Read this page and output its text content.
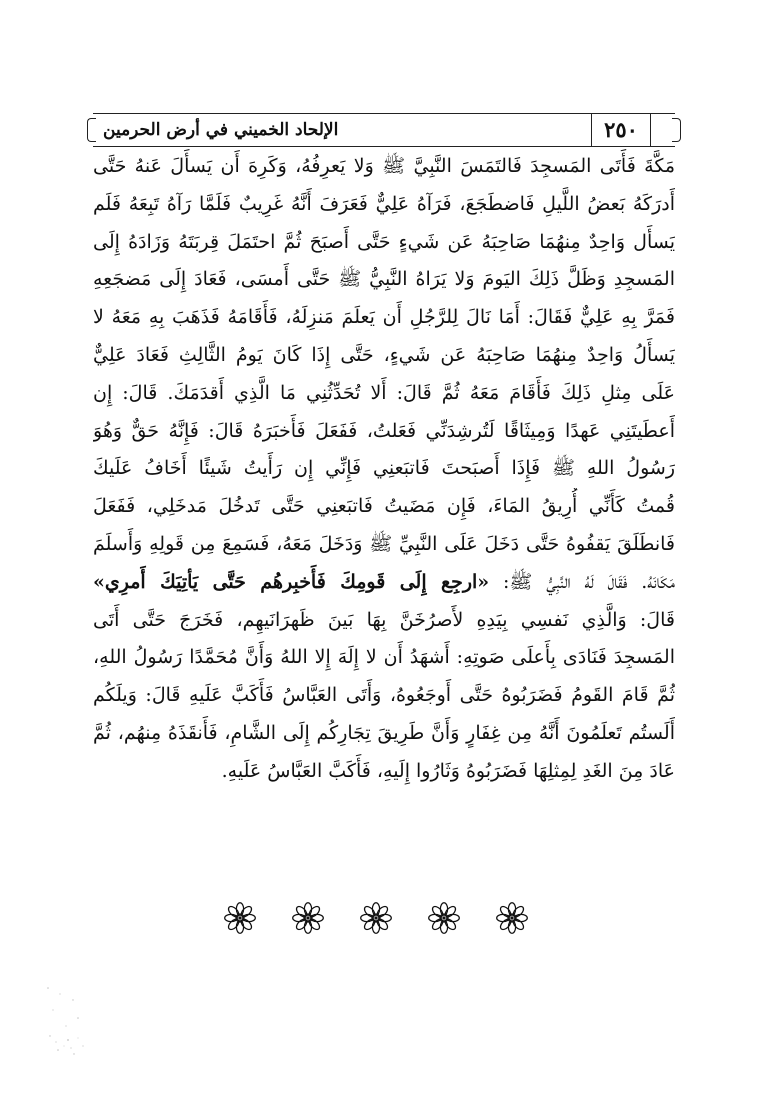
٢٥٠
الإلحاد الخميني في أرض الحرمين
مَكَّةَ فَأَتَى المَسجِدَ فَالتَمَسَ النَّبِيَّ ﷺ وَلا يَعرِفُهُ، وَكَرِهَ أَن يَسأَلَ عَنهُ حَتَّى
أَدرَكَهُ بَعضُ اللَّيلِ فَاضطَجَعَ، فَرَآهُ عَلِيٌّ فَعَرَفَ أَنَّهُ غَرِيبٌ فَلَمَّا رَآهُ تَبِعَهُ فَلَم
يَسأَل وَاحِدٌ مِنهُمَا صَاحِبَهُ عَن شَيءٍ حَتَّى أَصبَحَ ثُمَّ احتَمَلَ قِربَتَهُ وَزَادَهُ إِلَى
المَسجِدِ وَظَلَّ ذَلِكَ اليَومَ وَلا يَرَاهُ النَّبِيُّ ﷺ حَتَّى أَمسَى، فَعَادَ إِلَى مَضجَعِهِ
فَمَرَّ بِهِ عَلِيٌّ فَقَالَ: أَمَا نَالَ لِلرَّجُلِ أَن يَعلَمَ مَنزِلَهُ، فَأَقَامَهُ فَذَهَبَ بِهِ مَعَهُ لا
يَسأَلُ وَاحِدٌ مِنهُمَا صَاحِبَهُ عَن شَيءٍ، حَتَّى إِذَا كَانَ يَومُ الثَّالِثِ فَعَادَ عَلِيٌّ
عَلَى مِثلِ ذَلِكَ فَأَقَامَ مَعَهُ ثُمَّ قَالَ: أَلا تُحَدِّثُنِي مَا الَّذِي أَقدَمَكَ. قَالَ: إِن
أَعطَيتَنِي عَهدًا وَمِيثَاقًا لَتُرشِدَنِّي فَعَلتُ، فَفَعَلَ فَأَخبَرَهُ قَالَ: فَإِنَّهُ حَقٌّ وَهُوَ
رَسُولُ اللهِ ﷺ فَإِذَا أَصبَحتَ فَاتبَعنِي فَإِنِّي إِن رَأَيتُ شَيئًا أَخَافُ عَلَيكَ
قُمتُ كَأَنِّي أُرِيقُ المَاءَ، فَإِن مَضَيتُ فَاتبَعنِي حَتَّى تَدخُلَ مَدخَلِي، فَفَعَلَ
فَانطَلَقَ يَقفُوهُ حَتَّى دَخَلَ عَلَى النَّبِيِّ ﷺ وَدَخَلَ مَعَهُ، فَسَمِعَ مِن قَولِهِ وَأَسلَمَ
مَكَانَهُ. فَقَالَ لَهُ النَّبِيُّ ﷺ: «ارجِع إِلَى قَومِكَ فَأَخبِرهُم حَتَّى يَأتِيَكَ أَمرِي»
قَالَ: وَالَّذِي نَفسِي بِيَدِهِ لأَصرُخَنَّ بِهَا بَينَ ظَهرَانَيهِم، فَخَرَجَ حَتَّى أَتَى
المَسجِدَ فَنَادَى بِأَعلَى صَوتِهِ: أَشهَدُ أَن لا إِلَهَ إِلا اللهُ وَأَنَّ مُحَمَّدًا رَسُولُ اللهِ،
ثُمَّ قَامَ القَومُ فَضَرَبُوهُ حَتَّى أَوجَعُوهُ، وَأَتَى العَبَّاسُ فَأَكَبَّ عَلَيهِ قَالَ: وَيلَكُم
أَلَستُم تَعلَمُونَ أَنَّهُ مِن غِفَارٍ وَأَنَّ طَرِيقَ تِجَارِكُم إِلَى الشَّامِ، فَأَنقَذَهُ مِنهُم، ثُمَّ
عَادَ مِنَ الغَدِ لِمِثلِهَا فَضَرَبُوهُ وَثَارُوا إِلَيهِ، فَأَكَبَّ العَبَّاسُ عَلَيهِ.
